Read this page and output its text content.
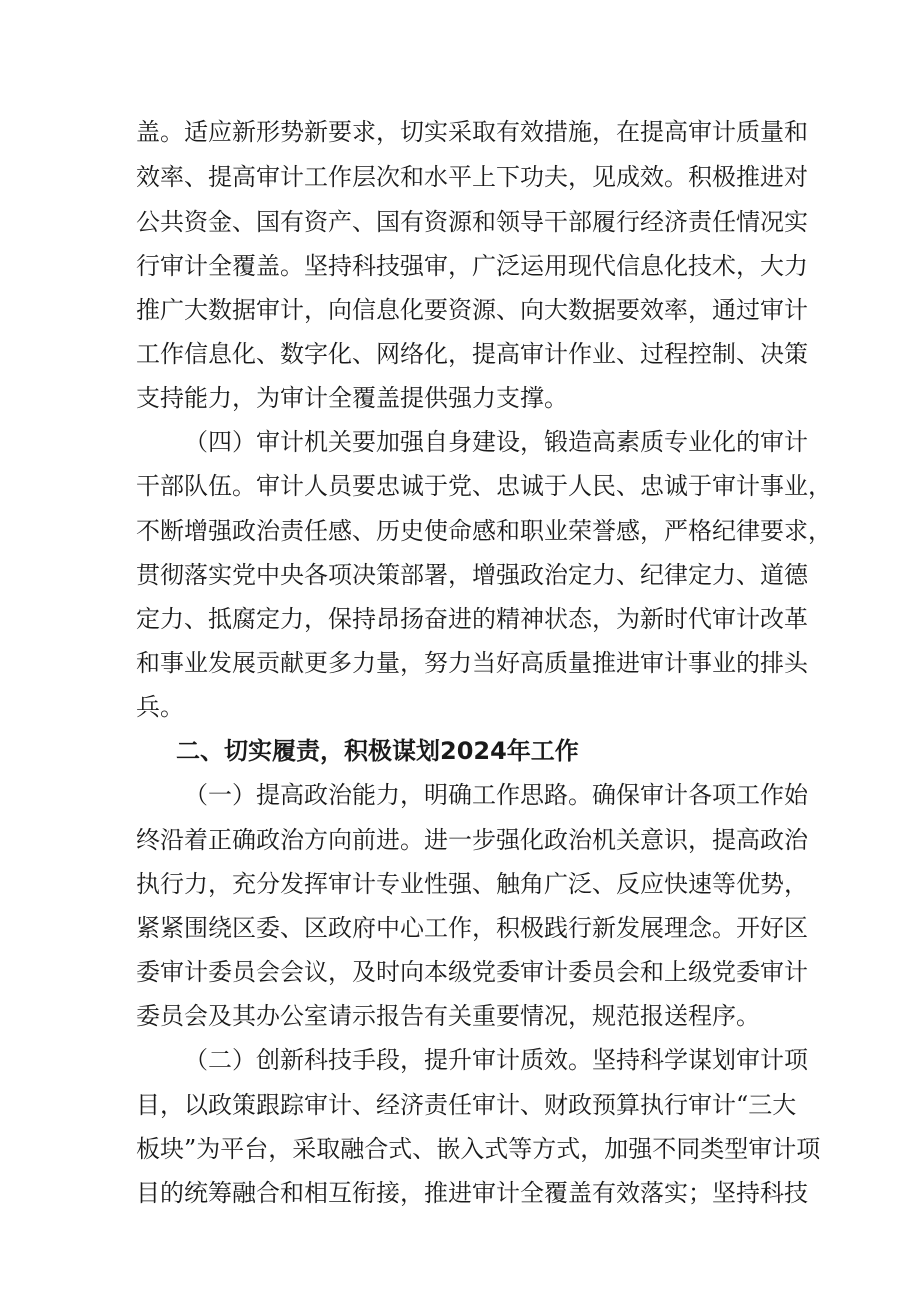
盖。适应新形势新要求，切实采取有效措施，在提高审计质量和
效率、提高审计工作层次和水平上下功夫，见成效。积极推进对
公共资金、国有资产、国有资源和领导干部履行经济责任情况实
行审计全覆盖。坚持科技强审，广泛运用现代信息化技术，大力
推广大数据审计，向信息化要资源、向大数据要效率，通过审计
工作信息化、数字化、网络化，提高审计作业、过程控制、决策
支持能力，为审计全覆盖提供强力支撑。
（四）审计机关要加强自身建设，锻造高素质专业化的审计
干部队伍。审计人员要忠诚于党、忠诚于人民、忠诚于审计事业，
不断增强政治责任感、历史使命感和职业荣誉感，严格纪律要求，
贯彻落实党中央各项决策部署，增强政治定力、纪律定力、道德
定力、抵腐定力，保持昂扬奋进的精神状态，为新时代审计改革
和事业发展贡献更多力量，努力当好高质量推进审计事业的排头
兵。
二、切实履责，积极谋划2024年工作
（一）提高政治能力，明确工作思路。确保审计各项工作始
终沿着正确政治方向前进。进一步强化政治机关意识，提高政治
执行力，充分发挥审计专业性强、触角广泛、反应快速等优势，
紧紧围绕区委、区政府中心工作，积极践行新发展理念。开好区
委审计委员会会议，及时向本级党委审计委员会和上级党委审计
委员会及其办公室请示报告有关重要情况，规范报送程序。
（二）创新科技手段，提升审计质效。坚持科学谋划审计项
目，以政策跟踪审计、经济责任审计、财政预算执行审计“三大
板块”为平台，采取融合式、嵌入式等方式，加强不同类型审计项
目的统筹融合和相互衔接，推进审计全覆盖有效落实；坚持科技
